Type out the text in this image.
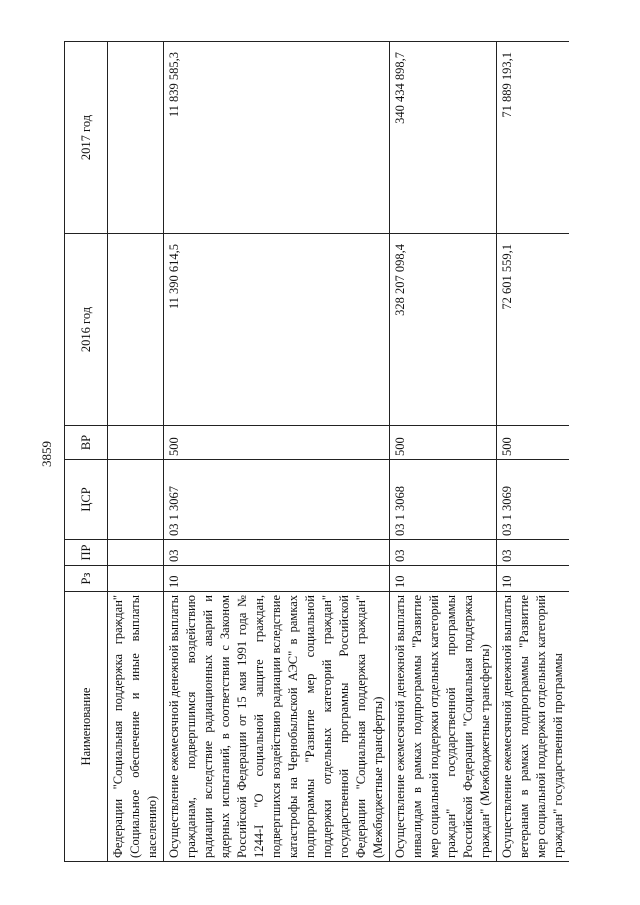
3859
Наименование	Рз	ПР	ЦСР	ВР	2016 год	2017 год
Федерации "Социальная поддержка граждан" (Социальное обеспечение и иные выплаты населению)						
Осуществление ежемесячной денежной выплаты гражданам, подвергшимся воздействию радиации вследствие радиационных аварий и ядерных испытаний, в соответствии с Законом Российской Федерации от 15 мая 1991 года № 1244-I "О социальной защите граждан, подвергшихся воздействию радиации вследствие катастрофы на Чернобыльской АЭС" в рамках подпрограммы "Развитие мер социальной поддержки отдельных категорий граждан" государственной программы Российской Федерации "Социальная поддержка граждан" (Межбюджетные трансферты)	10	03	03 1 3067	500	11 390 614,5	11 839 585,3
Осуществление ежемесячной денежной выплаты инвалидам в рамках подпрограммы "Развитие мер социальной поддержки отдельных категорий граждан" государственной программы Российской Федерации "Социальная поддержка граждан" (Межбюджетные трансферты)	10	03	03 1 3068	500	328 207 098,4	340 434 898,7
Осуществление ежемесячной денежной выплаты ветеранам в рамках подпрограммы "Развитие мер социальной поддержки отдельных категорий граждан" государственной программы	10	03	03 1 3069	500	72 601 559,1	71 889 193,1
